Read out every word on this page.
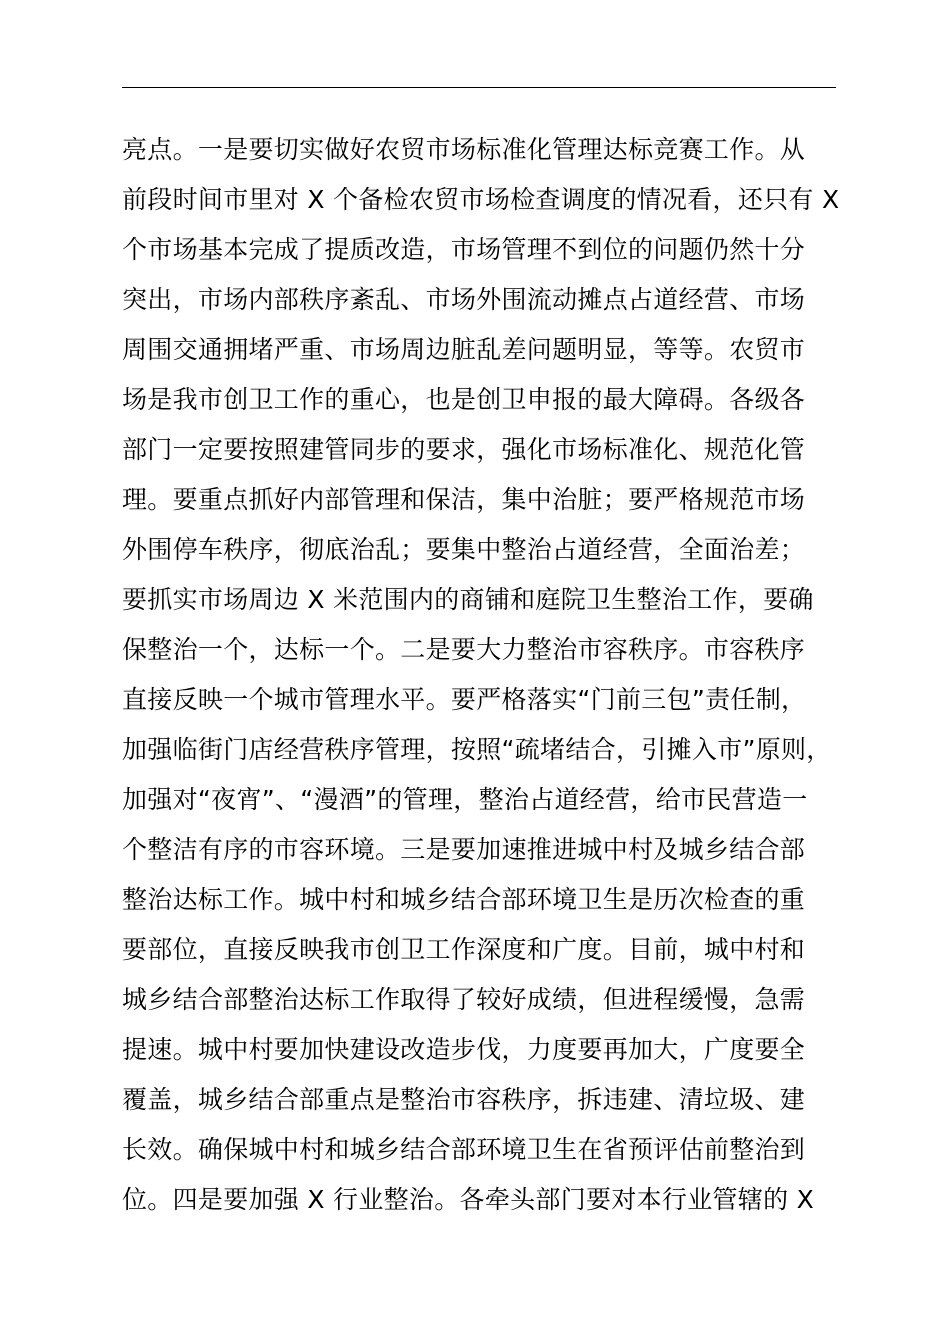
亮点。一是要切实做好农贸市场标准化管理达标竞赛工作。从
前段时间市里对 X 个备检农贸市场检查调度的情况看，还只有 X
个市场基本完成了提质改造，市场管理不到位的问题仍然十分
突出，市场内部秩序紊乱、市场外围流动摊点占道经营、市场
周围交通拥堵严重、市场周边脏乱差问题明显，等等。农贸市
场是我市创卫工作的重心，也是创卫申报的最大障碍。各级各
部门一定要按照建管同步的要求，强化市场标准化、规范化管
理。要重点抓好内部管理和保洁，集中治脏；要严格规范市场
外围停车秩序，彻底治乱；要集中整治占道经营，全面治差；
要抓实市场周边 X 米范围内的商铺和庭院卫生整治工作，要确
保整治一个，达标一个。二是要大力整治市容秩序。市容秩序
直接反映一个城市管理水平。要严格落实“门前三包”责任制，
加强临街门店经营秩序管理，按照“疏堵结合，引摊入市”原则，
加强对“夜宵”、“漫酒”的管理，整治占道经营，给市民营造一
个整洁有序的市容环境。三是要加速推进城中村及城乡结合部
整治达标工作。城中村和城乡结合部环境卫生是历次检查的重
要部位，直接反映我市创卫工作深度和广度。目前，城中村和
城乡结合部整治达标工作取得了较好成绩，但进程缓慢，急需
提速。城中村要加快建设改造步伐，力度要再加大，广度要全
覆盖，城乡结合部重点是整治市容秩序，拆违建、清垃圾、建
长效。确保城中村和城乡结合部环境卫生在省预评估前整治到
位。四是要加强 X 行业整治。各牵头部门要对本行业管辖的 X
